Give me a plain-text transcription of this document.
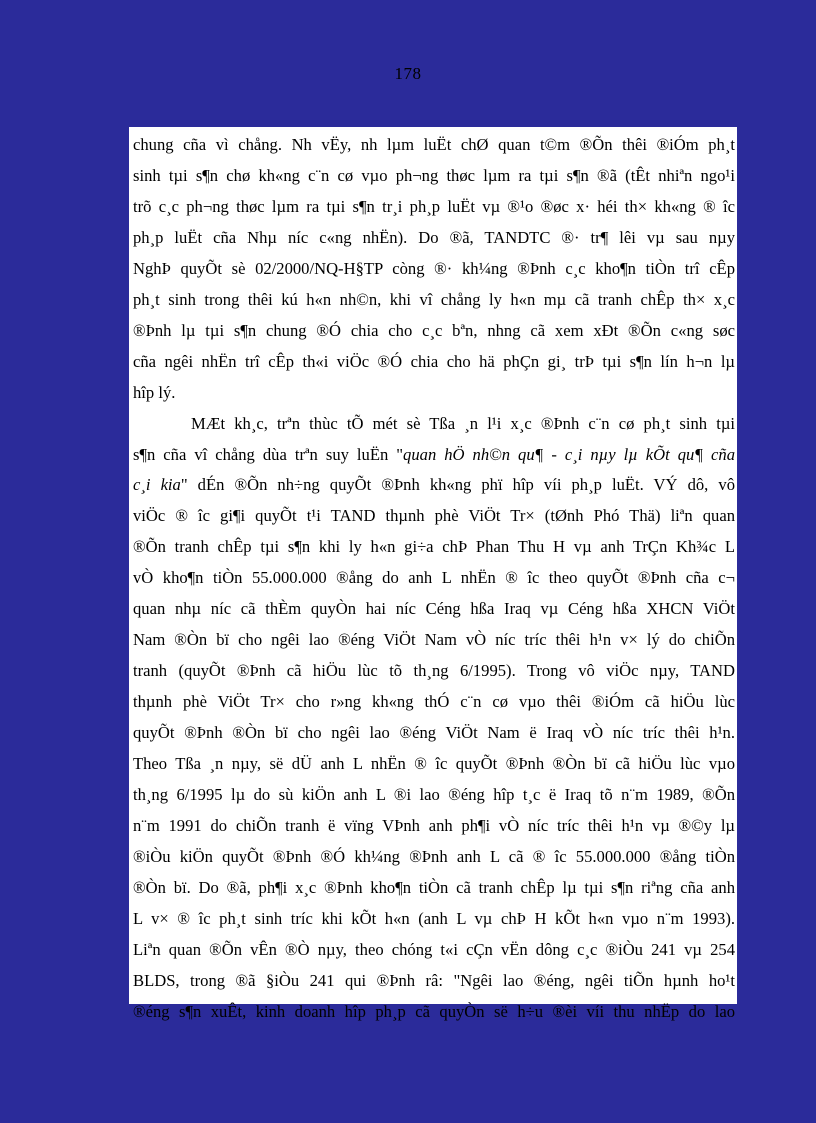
178
chung cña vì chång. Nh vËy, nh lµm luËt chØ quan t©m ®Õn thêi ®iÓm ph¸t
sinh tµi s¶n chø kh«ng c¨n cø vµo ph¬ng thøc lµm ra tµi s¶n ®ã (tÊt nhiªn ngo¹i
trõ c¸c ph¬ng thøc lµm ra tµi s¶n tr¸i ph¸p luËt vµ ®¹o ®øc x· héi th× kh«ng ® îc
ph¸p luËt cña Nhµ níc c«ng nhËn). Do ®ã, TANDTC ®· tr¶ lêi vµ sau nµy
NghÞ quyÕt sè 02/2000/NQ-H§TP còng ®· kh¼ng ®Þnh c¸c kho¶n tiÒn trî cÊp
ph¸t sinh trong thêi kú h«n nh©n, khi vî chång ly h«n mµ cã tranh chÊp th× x¸c
®Þnh lµ tµi s¶n chung ®Ó chia cho c¸c bªn, nhng cã xem xÐt ®Õn c«ng søc
cña ngêi nhËn trî cÊp th«i viÖc ®Ó chia cho hä phÇn gi¸ trÞ tµi s¶n lín h¬n lµ
hîp lý.
MÆt kh¸c, trªn thùc tÕ mét sè Tßa ¸n l¹i x¸c ®Þnh c¨n cø ph¸t sinh tµi
s¶n cña vî chång dùa trªn suy luËn "quan hÖ nh©n qu¶ - c¸i nµy lµ kÕt qu¶ cña
c¸i kia" dÉn ®Õn nh÷ng quyÕt ®Þnh kh«ng phï hîp víi ph¸p luËt. VÝ dô, vô
viÖc ® îc gi¶i quyÕt t¹i TAND thµnh phè ViÖt Tr× (tØnh Phó Thä) liªn quan
®Õn tranh chÊp tµi s¶n khi ly h«n gi÷a chÞ Phan Thu H vµ anh TrÇn Kh¾c L
vÒ kho¶n tiÒn 55.000.000 ®ång do anh L nhËn ® îc theo quyÕt ®Þnh cña c¬
quan nhµ níc cã thÈm quyÒn hai níc Céng hßa Iraq vµ Céng hßa XHCN ViÖt
Nam ®Òn bï cho ngêi lao ®éng ViÖt Nam vÒ níc tríc thêi h¹n v× lý do chiÕn
tranh (quyÕt ®Þnh cã hiÖu lùc tõ th¸ng 6/1995). Trong vô viÖc nµy, TAND
thµnh phè ViÖt Tr× cho r»ng kh«ng thÓ c¨n cø vµo thêi ®iÓm cã hiÖu lùc
quyÕt ®Þnh ®Òn bï cho ngêi lao ®éng ViÖt Nam ë Iraq vÒ níc tríc thêi h¹n.
Theo Tßa ¸n nµy, së dÜ anh L nhËn ® îc quyÕt ®Þnh ®Òn bï cã hiÖu lùc vµo
th¸ng 6/1995 lµ do sù kiÖn anh L ®i lao ®éng hîp t¸c ë Iraq tõ n¨m 1989, ®Õn
n¨m 1991 do chiÕn tranh ë vïng VÞnh anh ph¶i vÒ níc tríc thêi h¹n vµ ®©y lµ
®iÒu kiÖn quyÕt ®Þnh ®Ó kh¼ng ®Þnh anh L cã ® îc 55.000.000 ®ång tiÒn
®Òn bï. Do ®ã, ph¶i x¸c ®Þnh kho¶n tiÒn cã tranh chÊp lµ tµi s¶n riªng cña anh
L v× ® îc ph¸t sinh tríc khi kÕt h«n (anh L vµ chÞ H kÕt h«n vµo n¨m 1993).
Liªn quan ®Õn vÊn ®Ò nµy, theo chóng t«i cÇn vËn dông c¸c ®iÒu 241 vµ 254
BLDS, trong ®ã §iÒu 241 qui ®Þnh râ: "Ngêi lao ®éng, ngêi tiÕn hµnh ho¹t
®éng s¶n xuÊt, kinh doanh hîp ph¸p cã quyÒn së h÷u ®èi víi thu nhËp do lao
